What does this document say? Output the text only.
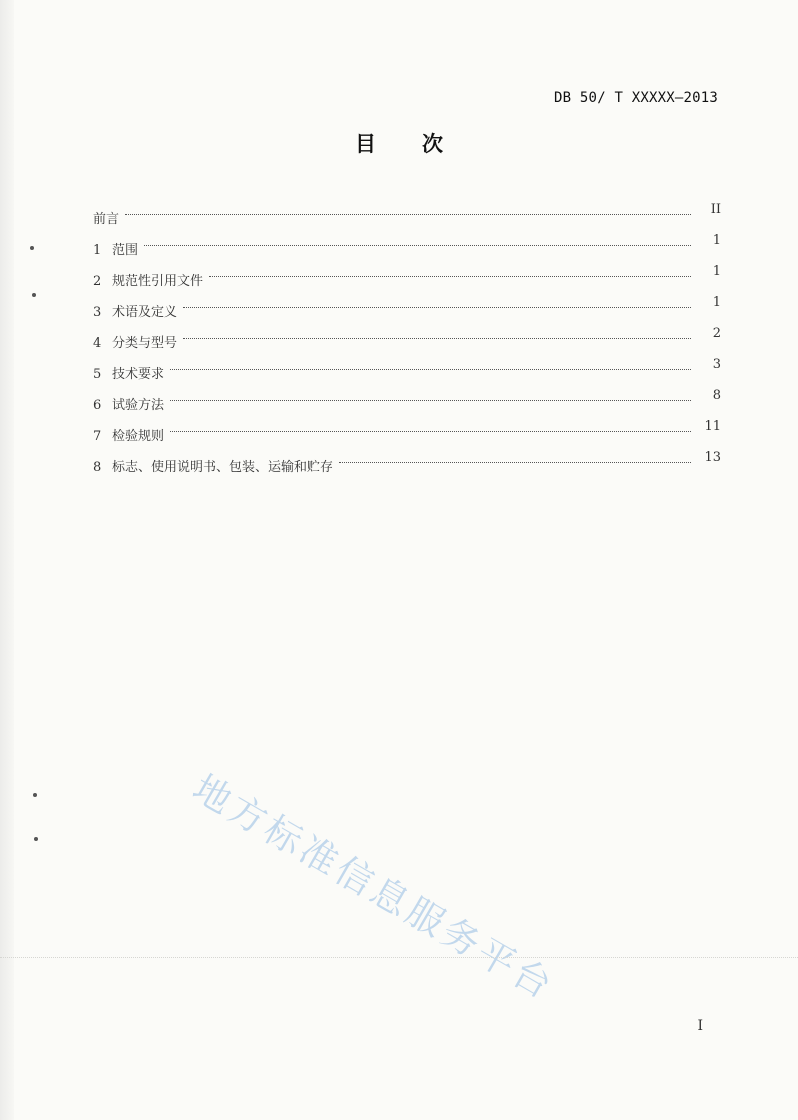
DB 50/ T XXXXX—2013
目 次
前言
II
1 范围
1
2 规范性引用文件
1
3 术语及定义
1
4 分类与型号
2
5 技术要求
3
6 试验方法
8
7 检验规则
11
8 标志、使用说明书、包装、运输和贮存
13
地方标准信息服务平台
I
